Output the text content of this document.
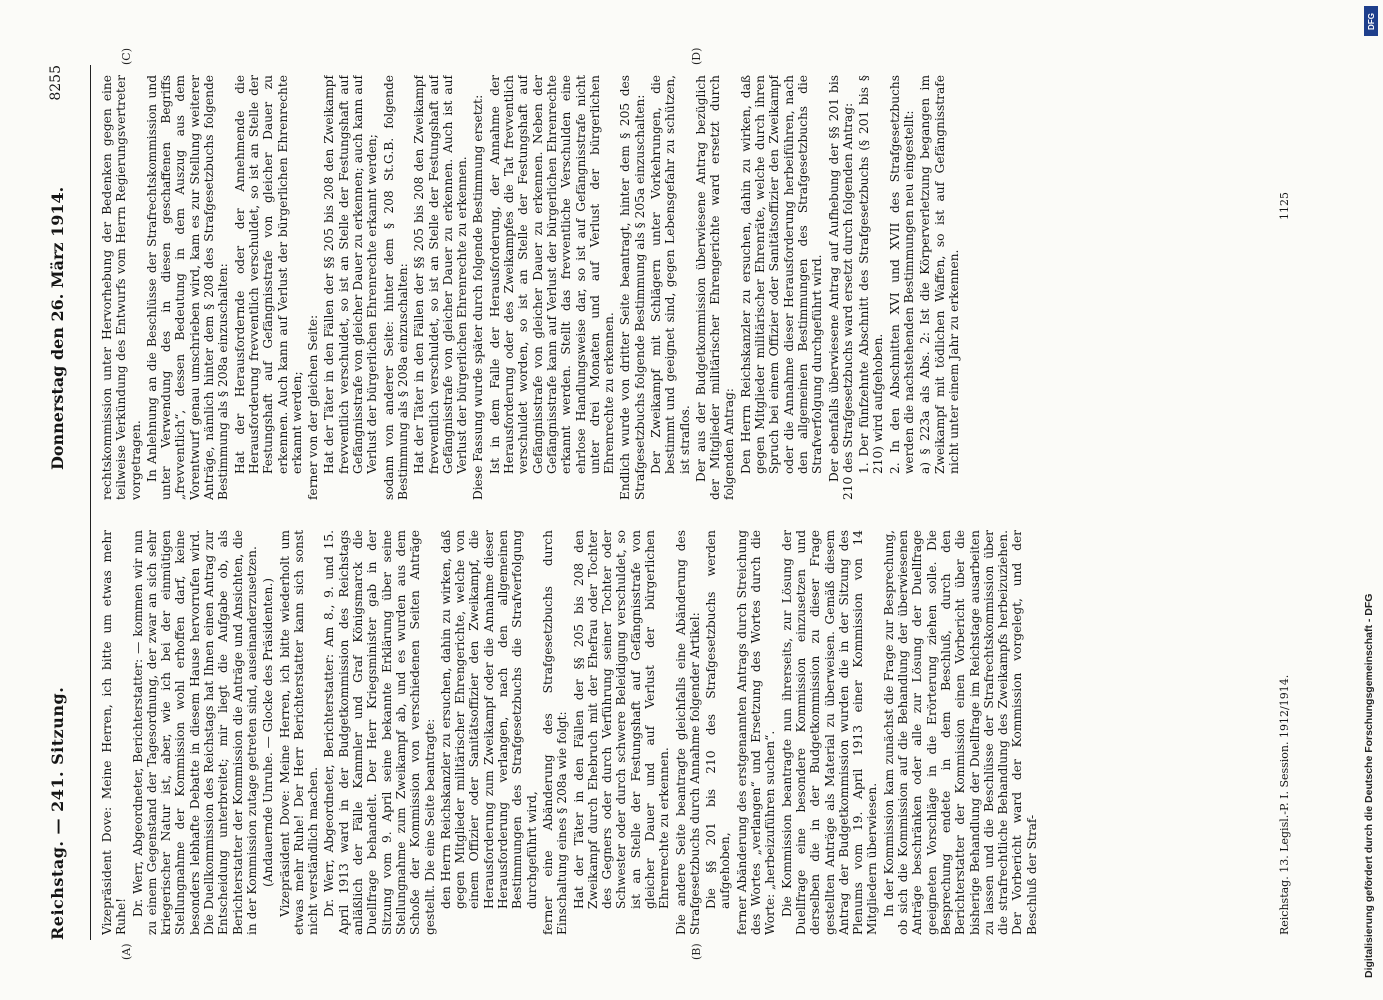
Reichstag. — 241. Sitzung.
Donnerstag den 26. März 1914.
8255
(A)	(B)
(C)	(D)

Vizepräsident Dove: Meine Herren, ich bitte um etwas mehr Ruhe! Dr. Werr, Abgeordneter, Berichterstatter: — kommen wir nun zu einem Gegenstand der Tagesordnung, der zwar an sich sehr kriegerischer Natur ist, aber, wie ich bei der einmütigen Stellungnahme der Kommission wohl erhoffen darf, keine besonders lebhafte Debatte in diesem Hause hervorrufen wird. Die Duellkommission des Reichstags hat Ihnen einen Antrag zur Entscheidung unterbreitet; mir liegt die Aufgabe ob, als Berichterstatter der Kommission die Anträge und Ansichten, die in der Kommission zutage getreten sind, auseinanderzusetzen. (Andauernde Unruhe. — Glocke des Präsidenten.) Vizepräsident Dove: Meine Herren, ich bitte wiederholt um etwas mehr Ruhe! Der Herr Berichterstatter kann sich sonst nicht verständlich machen. Dr. Werr, Abgeordneter, Berichterstatter: Am 8., 9. und 15. April 1913 ward in der Budgetkommission des Reichstags anläßlich der Fälle Kammler und Graf Königsmarck die Duellfrage behandelt. Der Herr Kriegsminister gab in der Sitzung vom 9. April seine bekannte Erklärung über seine Stellungnahme zum Zweikampf ab, und es wurden aus dem Schoße der Kommission von verschiedenen Seiten Anträge gestellt. Die eine Seite beantragte: den Herrn Reichskanzler zu ersuchen, dahin zu wirken, daß gegen Mitglieder militärischer Ehrengerichte, welche von einem Offizier oder Sanitätsoffizier den Zweikampf, die Herausforderung zum Zweikampf oder die Annahme dieser Herausforderung verlangen, nach den allgemeinen Bestimmungen des Strafgesetzbuchs die Strafverfolgung durchgeführt wird, ferner eine Abänderung des Strafgesetzbuchs durch Einschaltung eines § 208a wie folgt: Hat der Täter in den Fällen der §§ 205 bis 208 den Zweikampf durch Ehebruch mit der Ehefrau oder Tochter des Gegners oder durch Verführung seiner Tochter oder Schwester oder durch schwere Beleidigung verschuldet, so ist an Stelle der Festungshaft auf Gefängnisstrafe von gleicher Dauer und auf Verlust der bürgerlichen Ehrenrechte zu erkennen. Die andere Seite beantragte gleichfalls eine Abänderung des Strafgesetzbuchs durch Annahme folgender Artikel: Die §§ 201 bis 210 des Strafgesetzbuchs werden aufgehoben, ferner Abänderung des erstgenannten Antrags durch Streichung des Wortes „verlangen“ und Ersetzung des Wortes durch die Worte: „herbeizuführen suchen“. Die Kommission beantragte nun ihrerseits, zur Lösung der Duellfrage eine besondere Kommission einzusetzen und derselben die in der Budgetkommission zu dieser Frage gestellten Anträge als Material zu überweisen. Gemäß diesem Antrag der Budgetkommission wurden die in der Sitzung des Plenums vom 19. April 1913 einer Kommission von 14 Mitgliedern überwiesen. In der Kommission kam zunächst die Frage zur Besprechung, ob sich die Kommission auf die Behandlung der überwiesenen Anträge beschränken oder alle zur Lösung der Duellfrage geeigneten Vorschläge in die Erörterung ziehen solle. Die Besprechung endete in dem Beschluß, durch den Berichterstatter der Kommission einen Vorbericht über die bisherige Behandlung der Duellfrage im Reichstage ausarbeiten zu lassen und die Beschlüsse der Strafrechtskommission über die strafrechtliche Behandlung des Zweikampfs herbeizuziehen. Der Vorbericht ward der Kommission vorgelegt, und der Beschluß der Straf-

rechtskommission unter Hervorhebung der Bedenken gegen eine teilweise Verkündung des Entwurfs vom Herrn Regierungsvertreter vorgetragen. In Anlehnung an die Beschlüsse der Strafrechtskommission und unter Verwendung des in diesen geschaffenen Begriffs „frevventlich“, dessen Bedeutung in dem Auszug aus dem Vorentwurf genau umschrieben wird, kam es zur Stellung weiterer Anträge, nämlich hinter dem § 208 des Strafgesetzbuchs folgende Bestimmung als § 208a einzuschalten: Hat der Herausfordernde oder der Annehmende die Herausforderung frevventlich verschuldet, so ist an Stelle der Festungshaft auf Gefängnisstrafe von gleicher Dauer zu erkennen. Auch kann auf Verlust der bürgerlichen Ehrenrechte erkannt werden; ferner von der gleichen Seite: Hat der Täter in den Fällen der §§ 205 bis 208 den Zweikampf frevventlich verschuldet, so ist an Stelle der Festungshaft auf Gefängnisstrafe von gleicher Dauer zu erkennen; auch kann auf Verlust der bürgerlichen Ehrenrechte erkannt werden; sodann von anderer Seite: hinter dem § 208 St.G.B. folgende Bestimmung als § 208a einzuschalten: Hat der Täter in den Fällen der §§ 205 bis 208 den Zweikampf frevventlich verschuldet, so ist an Stelle der Festungshaft auf Gefängnisstrafe von gleicher Dauer zu erkennen. Auch ist auf Verlust der bürgerlichen Ehrenrechte zu erkennen. Diese Fassung wurde später durch folgende Bestimmung ersetzt: Ist in dem Falle der Herausforderung, der Annahme der Herausforderung oder des Zweikampfes die Tat frevventlich verschuldet worden, so ist an Stelle der Festungshaft auf Gefängnisstrafe von gleicher Dauer zu erkennen. Neben der Gefängnisstrafe kann auf Verlust der bürgerlichen Ehrenrechte erkannt werden. Stellt das frevventliche Verschulden eine ehrlose Handlungsweise dar, so ist auf Gefängnisstrafe nicht unter drei Monaten und auf Verlust der bürgerlichen Ehrenrechte zu erkennen. Endlich wurde von dritter Seite beantragt, hinter dem § 205 des Strafgesetzbuchs folgende Bestimmung als § 205a einzuschalten: Der Zweikampf mit Schlägern unter Vorkehrungen, die bestimmt und geeignet sind, gegen Lebensgefahr zu schützen, ist straflos. Der aus der Budgetkommission überwiesene Antrag bezüglich der Mitglieder militärischer Ehrengerichte ward ersetzt durch folgenden Antrag: Den Herrn Reichskanzler zu ersuchen, dahin zu wirken, daß gegen Mitglieder militärischer Ehrenräte, welche durch ihren Spruch bei einem Offizier oder Sanitätsoffizier den Zweikampf oder die Annahme dieser Herausforderung herbeiführen, nach den allgemeinen Bestimmungen des Strafgesetzbuchs die Strafverfolgung durchgeführt wird. Der ebenfalls überwiesene Antrag auf Aufhebung der §§ 201 bis 210 des Strafgesetzbuchs ward ersetzt durch folgenden Antrag: 1. Der fünfzehnte Abschnitt des Strafgesetzbuchs (§ 201 bis § 210) wird aufgehoben. 2. In den Abschnitten XVI und XVII des Strafgesetzbuchs werden die nachstehenden Bestimmungen neu eingestellt: a) § 223a als Abs. 2: Ist die Körperverletzung begangen im Zweikampf mit tödlichen Waffen, so ist auf Gefängnisstrafe nicht unter einem Jahr zu erkennen.

Reichstag. 13. Legisl.-P. I. Session. 1912/1914.
1125
DFG
Digitalisierung gefördert durch die Deutsche Forschungsgemeinschaft - DFG
